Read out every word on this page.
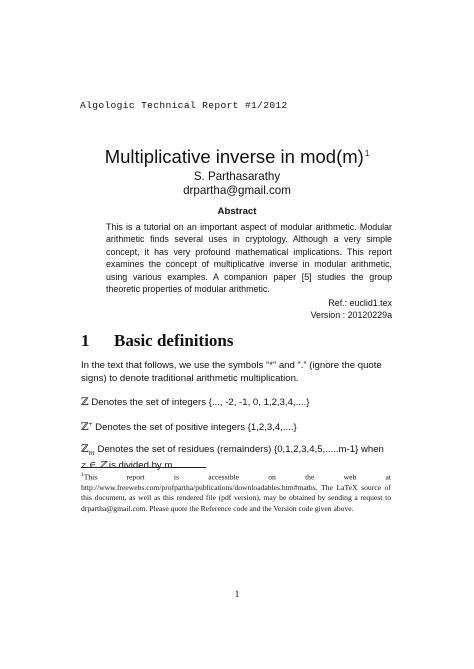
Algologic Technical Report #1/2012
Multiplicative inverse in $mod(m)^1$
S. Parthasarathy
drpartha@gmail.com
Abstract
This is a tutorial on an important aspect of modular arithmetic. Modular arithmetic finds several uses in cryptology. Although a very simple concept, it has very profound mathematical implications. This report examines the concept of multiplicative inverse in modular arithmetic, using various examples. A companion paper [5] studies the group theoretic properties of modular arithmetic.
Ref.: euclid1.tex
Version : 20120229a
1 Basic definitions
In the text that follows, we use the symbols “*” and “.” (ignore the quote signs) to denote traditional arithmetic multiplication.
ℤ Denotes the set of integers {..., -2, -1, 0, 1,2,3,4,....}
ℤ+ Denotes the set of positive integers {1,2,3,4,....}
ℤ$_m$ Denotes the set of residues (remainders) {0,1,2,3,4,5,.....m-1} when z ∈ ℤ is divided by m.
$^1$This report is accessible on the web at http://www.freewebs.com/profpartha/publications/downloadables.htm#maths. The LaTeX source of this document, as well as this rendered file (pdf version), may be obtained by sending a request to drpartha@gmail.com. Please quote the Reference code and the Version code given above.
1
